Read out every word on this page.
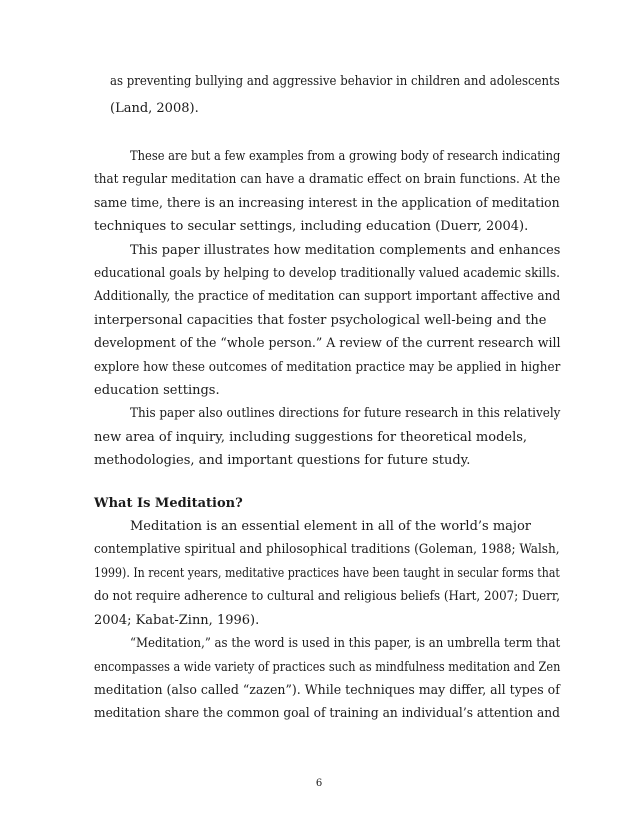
as preventing bullying and aggressive behavior in children and adolescents
(Land, 2008).
These are but a few examples from a growing body of research indicating
that regular meditation can have a dramatic effect on brain functions. At the
same time, there is an increasing interest in the application of meditation
techniques to secular settings, including education (Duerr, 2004).
This paper illustrates how meditation complements and enhances
educational goals by helping to develop traditionally valued academic skills.
Additionally, the practice of meditation can support important affective and
interpersonal capacities that foster psychological well-being and the
development of the “whole person.” A review of the current research will
explore how these outcomes of meditation practice may be applied in higher
education settings.
This paper also outlines directions for future research in this relatively
new area of inquiry, including suggestions for theoretical models,
methodologies, and important questions for future study.
What Is Meditation?
Meditation is an essential element in all of the world’s major
contemplative spiritual and philosophical traditions (Goleman, 1988; Walsh,
1999). In recent years, meditative practices have been taught in secular forms that
do not require adherence to cultural and religious beliefs (Hart, 2007; Duerr,
2004; Kabat-Zinn, 1996).
“Meditation,” as the word is used in this paper, is an umbrella term that
encompasses a wide variety of practices such as mindfulness meditation and Zen
meditation (also called “zazen”). While techniques may differ, all types of
meditation share the common goal of training an individual’s attention and
6
